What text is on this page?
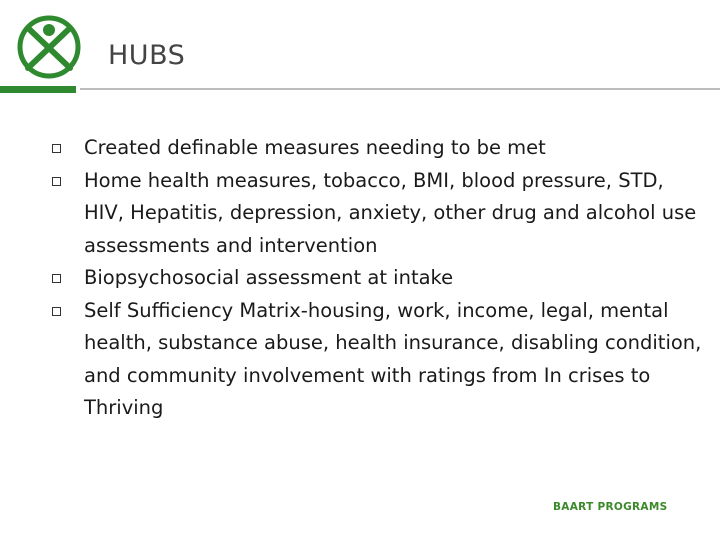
HUBS
Created definable measures needing to be met
Home health measures, tobacco, BMI, blood pressure, STD, HIV, Hepatitis, depression, anxiety, other drug and alcohol use assessments and intervention
Biopsychosocial assessment at intake
Self Sufficiency Matrix-housing, work, income, legal, mental health, substance abuse, health insurance, disabling condition, and community involvement with ratings from In crises to Thriving
BAART PROGRAMS
